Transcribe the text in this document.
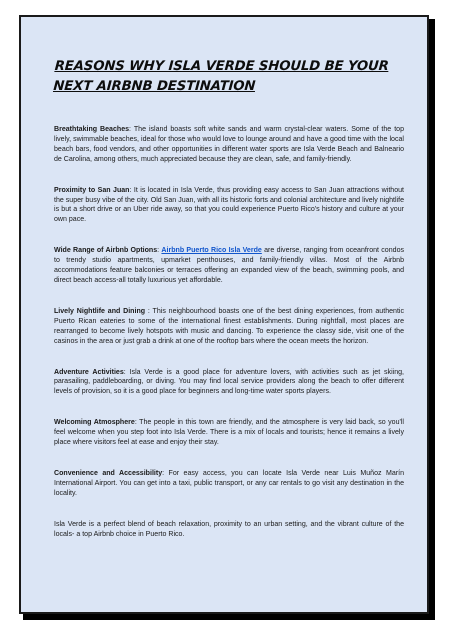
REASONS WHY ISLA VERDE SHOULD BE YOUR NEXT AIRBNB DESTINATION

Breathtaking Beaches: The island boasts soft white sands and warm crystal-clear waters. Some of the top lively, swimmable beaches, ideal for those who would love to lounge around and have a good time with the local beach bars, food vendors, and other opportunities in different water sports are Isla Verde Beach and Balneario de Carolina, among others, much appreciated because they are clean, safe, and family-friendly.

Proximity to San Juan: It is located in Isla Verde, thus providing easy access to San Juan attractions without the super busy vibe of the city. Old San Juan, with all its historic forts and colonial architecture and lively nightlife is but a short drive or an Uber ride away, so that you could experience Puerto Rico's history and culture at your own pace.

Wide Range of Airbnb Options: Airbnb Puerto Rico Isla Verde are diverse, ranging from oceanfront condos to trendy studio apartments, upmarket penthouses, and family-friendly villas. Most of the Airbnb accommodations feature balconies or terraces offering an expanded view of the beach, swimming pools, and direct beach access-all totally luxurious yet affordable.

Lively Nightlife and Dining : This neighbourhood boasts one of the best dining experiences, from authentic Puerto Rican eateries to some of the international finest establishments. During nightfall, most places are rearranged to become lively hotspots with music and dancing. To experience the classy side, visit one of the casinos in the area or just grab a drink at one of the rooftop bars where the ocean meets the horizon.

Adventure Activities: Isla Verde is a good place for adventure lovers, with activities such as jet skiing, parasailing, paddleboarding, or diving. You may find local service providers along the beach to offer different levels of provision, so it is a good place for beginners and long-time water sports players.

Welcoming Atmosphere: The people in this town are friendly, and the atmosphere is very laid back, so you'll feel welcome when you step foot into Isla Verde. There is a mix of locals and tourists; hence it remains a lively place where visitors feel at ease and enjoy their stay.

Convenience and Accessibility: For easy access, you can locate Isla Verde near Luis Muñoz Marín International Airport. You can get into a taxi, public transport, or any car rentals to go visit any destination in the locality.

Isla Verde is a perfect blend of beach relaxation, proximity to an urban setting, and the vibrant culture of the locals- a top Airbnb choice in Puerto Rico.
